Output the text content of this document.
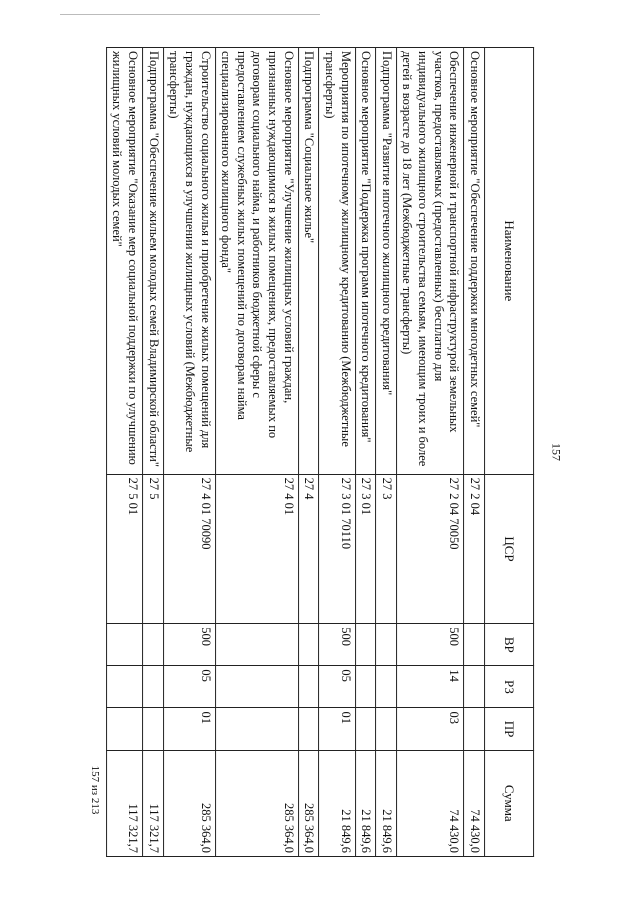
157
157 из 213
Наименование	ЦСР	ВР	РЗ	ПР	Сумма
Основное мероприятие "Обеспечение поддержки многодетных семей"	27 2 04				74 430,0
Обеспечение инженерной и транспортной инфраструктурой земельных участков, предоставляемых (предоставленных) бесплатно для индивидуального жилищного строительства семьям, имеющим троих и более детей в возрасте до 18 лет (Межбюджетные трансферты)	27 2 04 70050	500	14	03	74 430,0
Подпрограмма "Развитие ипотечного жилищного кредитования"	27 3				21 849,6
Основное мероприятие "Поддержка программ ипотечного кредитования"	27 3 01				21 849,6
Мероприятия по ипотечному жилищному кредитованию (Межбюджетные трансферты)	27 3 01 70110	500	05	01	21 849,6
Подпрограмма "Социальное жилье"	27 4				285 364,0
Основное мероприятие "Улучшение жилищных условий граждан, признанных нуждающимися в жилых помещениях, предоставляемых по договорам социального найма, и работников бюджетной сферы с предоставлением служебных жилых помещений по договорам найма специализированного жилищного фонда"	27 4 01				285 364,0
Строительство социального жилья и приобретение жилых помещений для граждан, нуждающихся в улучшении жилищных условий (Межбюджетные трансферты)	27 4 01 70090	500	05	01	285 364,0
Подпрограмма "Обеспечение жильем молодых семей Владимирской области"	27 5				117 321,7
Основное мероприятие "Оказание мер социальной поддержки по улучшению жилищных условий молодых семей"	27 5 01				117 321,7
